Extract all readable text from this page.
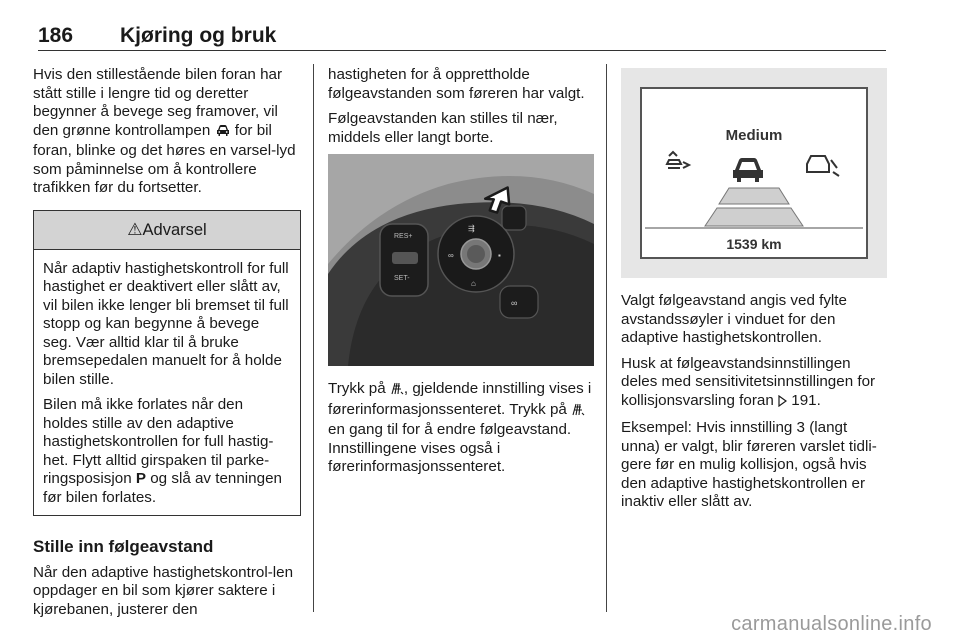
186 Kjøring og bruk

Hvis den stillestående bilen foran har stått stille i lengre tid og deretter begynner å bevege seg framover, vil den grønne kontrollampen  for bil foran, blinke og det høres en varsel-lyd som påminnelse om å kontrollere trafikken før du fortsetter.

⚠Advarsel

Når adaptiv hastighetskontroll for full hastighet er deaktivert eller slått av, vil bilen ikke lenger bli bremset til full stopp og kan begynne å bevege seg. Vær alltid klar til å bruke bremsepedalen manuelt for å holde bilen stille.

Bilen må ikke forlates når den holdes stille av den adaptive hastighetskontrollen for full hastig-het. Flytt alltid girspaken til parke-ringsposisjon P og slå av tenningen før bilen forlates.

Stille inn følgeavstand

Når den adaptive hastighetskontrol-len oppdager en bil som kjører saktere i kjørebanen, justerer den

hastigheten for å opprettholde følgeavstanden som føreren har valgt.

Følgeavstanden kan stilles til nær, middels eller langt borte.

RES+
SET-
⇶
∞	▪
⌂
∞

Trykk på , gjeldende innstilling vises i førerinformasjonssenteret. Trykk på  en gang til for å endre følgeavstand. Innstillingene vises også i førerinformasjonssenteret.

Medium
1539 km

Valgt følgeavstand angis ved fylte avstandssøyler i vinduet for den adaptive hastighetskontrollen.

Husk at følgeavstandsinnstillingen deles med sensitivitetsinnstillingen for kollisjonsvarsling foran  191.

Eksempel: Hvis innstilling 3 (langt unna) er valgt, blir føreren varslet tidli-gere før en mulig kollisjon, også hvis den adaptive hastighetskontrollen er inaktiv eller slått av.

carmanualsonline.info
